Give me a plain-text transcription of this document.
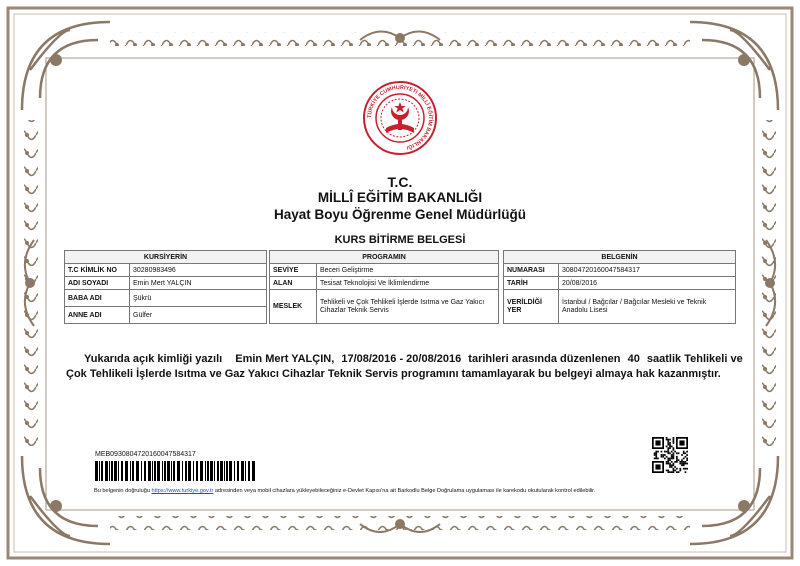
TÜRKİYE CUMHURİYETİ MİLLÎ EĞİTİM BAKANLIĞI
T.C.
MİLLÎ EĞİTİM BAKANLIĞI
Hayat Boyu Öğrenme Genel Müdürlüğü
KURS BİTİRME BELGESİ
KURSİYERİN	
T.C KİMLİK NO	30280983496
ADI SOYADI	Emin Mert YALÇIN
BABA ADI	Şükrü
ANNE ADI	Gülfer
PROGRAMIN	
SEVİYE	Beceri Geliştirme
ALAN	Tesisat Teknolojisi Ve İklimlendirme
MESLEK	Tehlikeli ve Çok Tehlikeli İşlerde Isıtma ve Gaz Yakıcı Cihazlar Teknik Servis
BELGENİN	
NUMARASI	30804720160047584317
TARİH	20/08/2016
VERİLDİĞİ YER	İstanbul / Bağcılar / Bağcılar Mesleki ve Teknik Anadolu Lisesi
Yukarıda açık kimliği yazılı Emin Mert YALÇIN, 17/08/2016 - 20/08/2016 tarihleri arasında düzenlenen 40 saatlik Tehlikeli ve Çok Tehlikeli İşlerde Isıtma ve Gaz Yakıcı Cihazlar Teknik Servis programını tamamlayarak bu belgeyi almaya hak kazanmıştır.
MEB09308047201600475843​17
Bu belgenin doğruluğu https://www.turkiye.gov.tr adresinden veya mobil cihazlara yükleyebileceğiniz e-Devlet Kapısı'na ait Barkodlu Belge Doğrulama uygulaması ile karekodu okutularak kontrol edilebilir.
